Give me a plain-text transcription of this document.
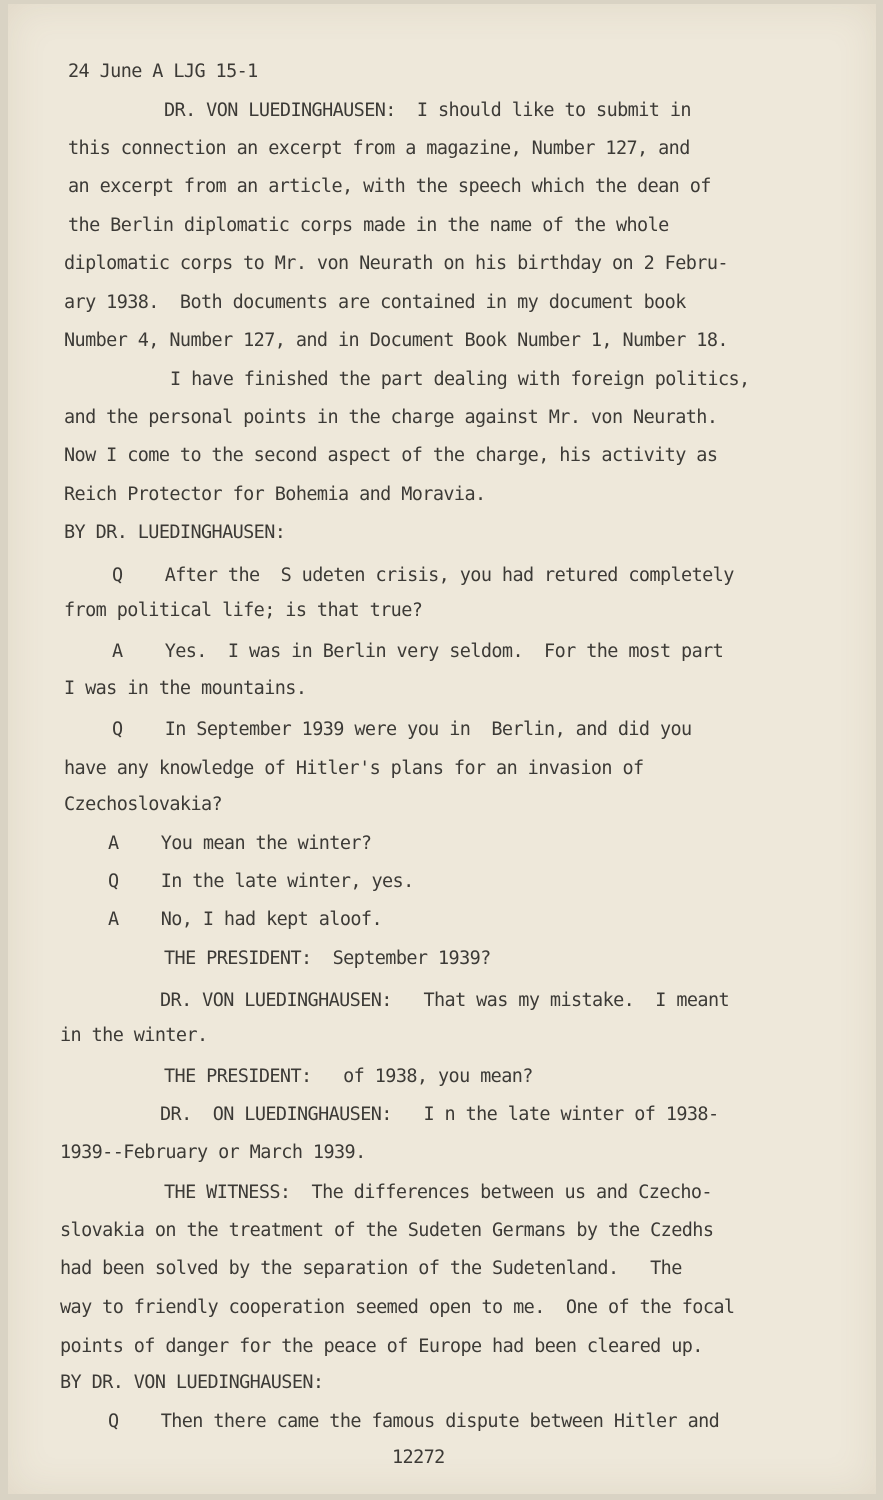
24 June A LJG 15-1
DR. VON LUEDINGHAUSEN:  I should like to submit in
this connection an excerpt from a magazine, Number 127, and
an excerpt from an article, with the speech which the dean of
the Berlin diplomatic corps made in the name of the whole
diplomatic corps to Mr. von Neurath on his birthday on 2 Febru-
ary 1938.  Both documents are contained in my document book
Number 4, Number 127, and in Document Book Number 1, Number 18.
I have finished the part dealing with foreign politics,
and the personal points in the charge against Mr. von Neurath.
Now I come to the second aspect of the charge, his activity as
Reich Protector for Bohemia and Moravia.
BY DR. LUEDINGHAUSEN:
Q    After the  S udeten crisis, you had retured completely
from political life; is that true?
A    Yes.  I was in Berlin very seldom.  For the most part
I was in the mountains.
Q    In September 1939 were you in  Berlin, and did you
have any knowledge of Hitler's plans for an invasion of
Czechoslovakia?
A    You mean the winter?
Q    In the late winter, yes.
A    No, I had kept aloof.
THE PRESIDENT:  September 1939?
DR. VON LUEDINGHAUSEN:   That was my mistake.  I meant
in the winter.
THE PRESIDENT:   of 1938, you mean?
DR.  ON LUEDINGHAUSEN:   I n the late winter of 1938-
1939--February or March 1939.
THE WITNESS:  The differences between us and Czecho-
slovakia on the treatment of the Sudeten Germans by the Czedhs
had been solved by the separation of the Sudetenland.   The
way to friendly cooperation seemed open to me.  One of the focal
points of danger for the peace of Europe had been cleared up.
BY DR. VON LUEDINGHAUSEN:
Q    Then there came the famous dispute between Hitler and
12272
